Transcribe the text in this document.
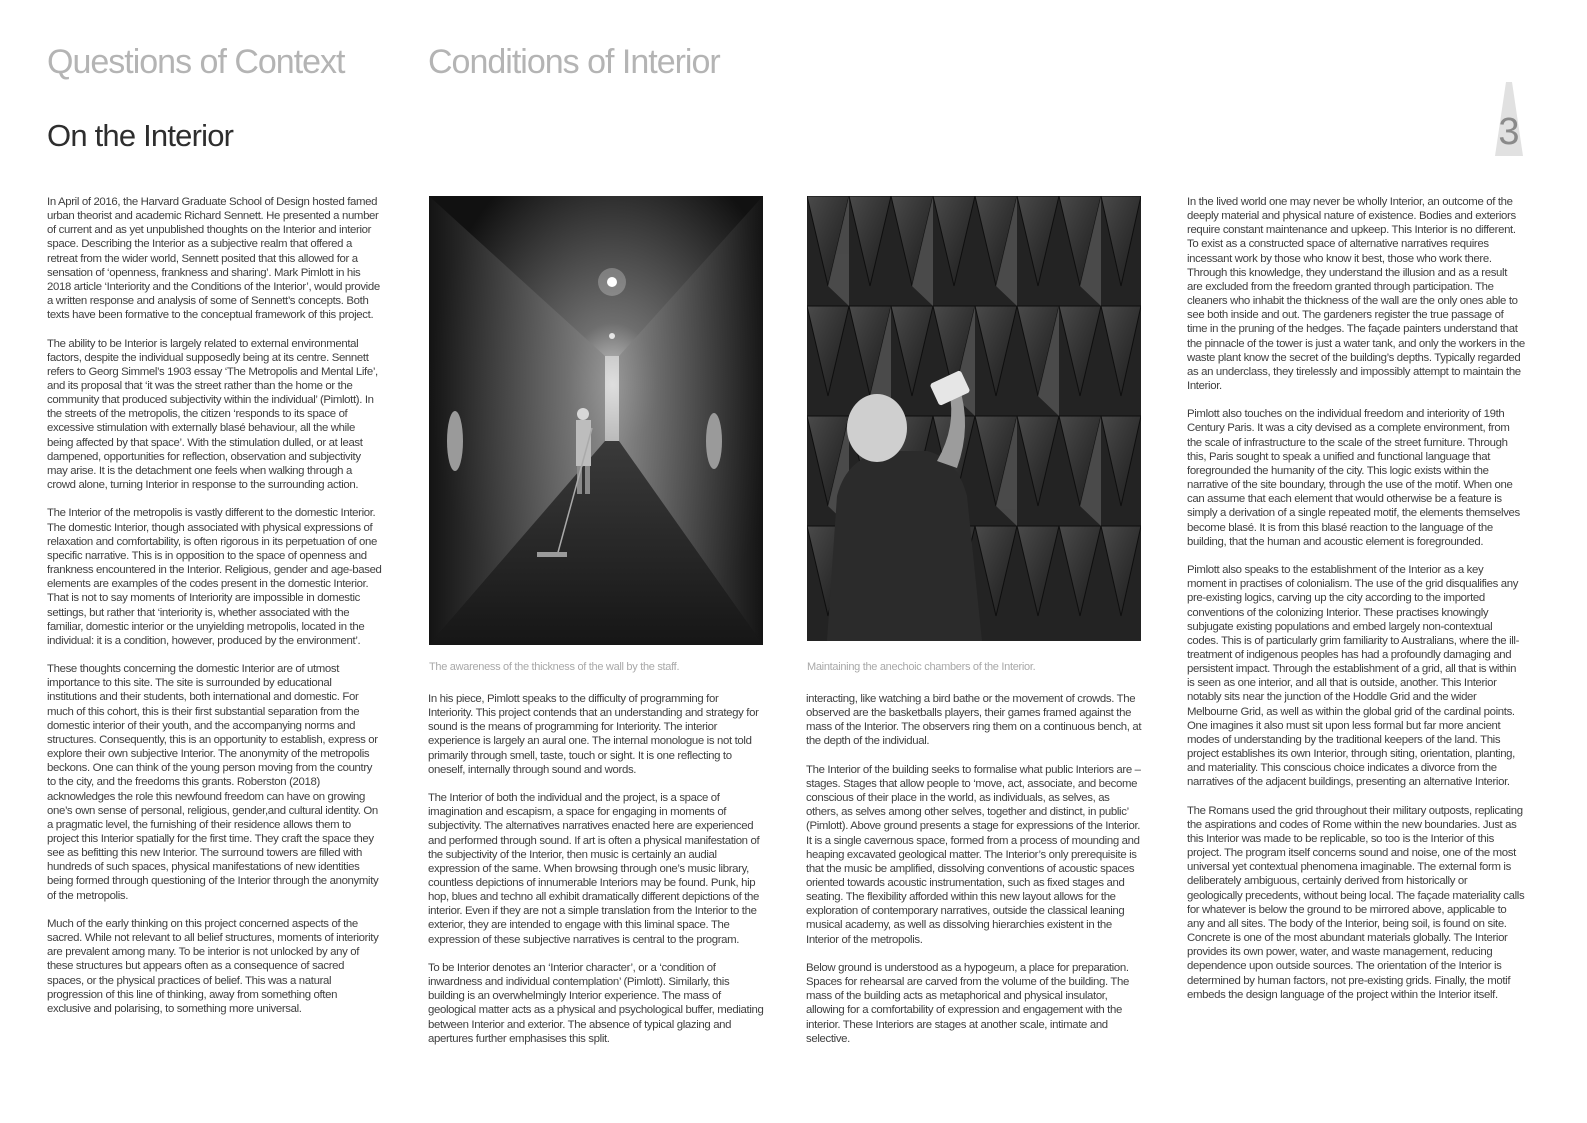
Questions of Context Conditions of Interior
On the Interior	3

In April of 2016, the Harvard Graduate School of Design hosted famed urban theorist and academic Richard Sennett. He presented a number of current and as yet unpublished thoughts on the Interior and interior space. Describing the Interior as a subjective realm that offered a retreat from the wider world, Sennett posited that this allowed for a sensation of ‘openness, frankness and sharing’. Mark Pimlott in his 2018 article ‘Interiority and the Conditions of the Interior’, would provide a written response and analysis of some of Sennett’s concepts. Both texts have been formative to the conceptual framework of this project.

The ability to be Interior is largely related to external environmental factors, despite the individual supposedly being at its centre. Sennett refers to Georg Simmel’s 1903 essay ‘The Metropolis and Mental Life’, and its proposal that ‘it was the street rather than the home or the community that produced subjectivity within the individual’ (Pimlott). In the streets of the metropolis, the citizen ‘responds to its space of excessive stimulation with externally blasé behaviour, all the while being affected by that space’. With the stimulation dulled, or at least dampened, opportunities for reflection, observation and subjectivity may arise. It is the detachment one feels when walking through a crowd alone, turning Interior in response to the surrounding action.

The Interior of the metropolis is vastly different to the domestic Interior. The domestic Interior, though associated with physical expressions of relaxation and comfortability, is often rigorous in its perpetuation of one specific narrative. This is in opposition to the space of openness and frankness encountered in the Interior. Religious, gender and age-based elements are examples of the codes present in the domestic Interior. That is not to say moments of Interiority are impossible in domestic settings, but rather that ‘interiority is, whether associated with the familiar, domestic interior or the unyielding metropolis, located in the individual: it is a condition, however, produced by the environment’.

These thoughts concerning the domestic Interior are of utmost importance to this site. The site is surrounded by educational institutions and their students, both international and domestic. For much of this cohort, this is their first substantial separation from the domestic interior of their youth, and the accompanying norms and structures. Consequently, this is an opportunity to establish, express or explore their own subjective Interior. The anonymity of the metropolis beckons. One can think of the young person moving from the country to the city, and the freedoms this grants. Roberston (2018) acknowledges the role this newfound freedom can have on growing one’s own sense of personal, religious, gender,and cultural identity. On a pragmatic level, the furnishing of their residence allows them to project this Interior spatially for the first time. They craft the space they see as befitting this new Interior. The surround towers are filled with hundreds of such spaces, physical manifestations of new identities being formed through questioning of the Interior through the anonymity of the metropolis.

Much of the early thinking on this project concerned aspects of the sacred. While not relevant to all belief structures, moments of interiority are prevalent among many. To be interior is not unlocked by any of these structures but appears often as a consequence of sacred spaces, or the physical practices of belief. This was a natural progression of this line of thinking, away from something often exclusive and polarising, to something more universal.

The awareness of the thickness of the wall by the staff.	Maintaining the anechoic chambers of the Interior.

In his piece, Pimlott speaks to the difficulty of programming for Interiority. This project contends that an understanding and strategy for sound is the means of programming for Interiority. The interior experience is largely an aural one. The internal monologue is not told primarily through smell, taste, touch or sight. It is one reflecting to oneself, internally through sound and words.

The Interior of both the individual and the project, is a space of imagination and escapism, a space for engaging in moments of subjectivity. The alternatives narratives enacted here are experienced and performed through sound. If art is often a physical manifestation of the subjectivity of the Interior, then music is certainly an audial expression of the same. When browsing through one’s music library, countless depictions of innumerable Interiors may be found. Punk, hip hop, blues and techno all exhibit dramatically different depictions of the interior. Even if they are not a simple translation from the Interior to the exterior, they are intended to engage with this liminal space. The expression of these subjective narratives is central to the program.

To be Interior denotes an ‘Interior character’, or a ‘condition of inwardness and individual contemplation’ (Pimlott). Similarly, this building is an overwhelmingly Interior experience. The mass of geological matter acts as a physical and psychological buffer, mediating between Interior and exterior. The absence of typical glazing and apertures further emphasises this split.

interacting, like watching a bird bathe or the movement of crowds. The observed are the basketballs players, their games framed against the mass of the Interior. The observers ring them on a continuous bench, at the depth of the individual.

The Interior of the building seeks to formalise what public Interiors are – stages. Stages that allow people to ‘move, act, associate, and become conscious of their place in the world, as individuals, as selves, as others, as selves among other selves, together and distinct, in public’ (Pimlott). Above ground presents a stage for expressions of the Interior. It is a single cavernous space, formed from a process of mounding and heaping excavated geological matter. The Interior’s only prerequisite is that the music be amplified, dissolving conventions of acoustic spaces oriented towards acoustic instrumentation, such as fixed stages and seating. The flexibility afforded within this new layout allows for the exploration of contemporary narratives, outside the classical leaning musical academy, as well as dissolving hierarchies existent in the Interior of the metropolis.

Below ground is understood as a hypogeum, a place for preparation. Spaces for rehearsal are carved from the volume of the building. The mass of the building acts as metaphorical and physical insulator, allowing for a comfortability of expression and engagement with the interior. These Interiors are stages at another scale, intimate and selective.

In the lived world one may never be wholly Interior, an outcome of the deeply material and physical nature of existence. Bodies and exteriors require constant maintenance and upkeep. This Interior is no different. To exist as a constructed space of alternative narratives requires incessant work by those who know it best, those who work there. Through this knowledge, they understand the illusion and as a result are excluded from the freedom granted through participation. The cleaners who inhabit the thickness of the wall are the only ones able to see both inside and out. The gardeners register the true passage of time in the pruning of the hedges. The façade painters understand that the pinnacle of the tower is just a water tank, and only the workers in the waste plant know the secret of the building’s depths. Typically regarded as an underclass, they tirelessly and impossibly attempt to maintain the Interior.

Pimlott also touches on the individual freedom and interiority of 19th Century Paris. It was a city devised as a complete environment, from the scale of infrastructure to the scale of the street furniture. Through this, Paris sought to speak a unified and functional language that foregrounded the humanity of the city. This logic exists within the narrative of the site boundary, through the use of the motif. When one can assume that each element that would otherwise be a feature is simply a derivation of a single repeated motif, the elements themselves become blasé. It is from this blasé reaction to the language of the building, that the human and acoustic element is foregrounded.

Pimlott also speaks to the establishment of the Interior as a key moment in practises of colonialism. The use of the grid disqualifies any pre-existing logics, carving up the city according to the imported conventions of the colonizing Interior. These practises knowingly subjugate existing populations and embed largely non-contextual codes. This is of particularly grim familiarity to Australians, where the ill-treatment of indigenous peoples has had a profoundly damaging and persistent impact. Through the establishment of a grid, all that is within is seen as one interior, and all that is outside, another. This Interior notably sits near the junction of the Hoddle Grid and the wider Melbourne Grid, as well as within the global grid of the cardinal points. One imagines it also must sit upon less formal but far more ancient modes of understanding by the traditional keepers of the land. This project establishes its own Interior, through siting, orientation, planting, and materiality. This conscious choice indicates a divorce from the narratives of the adjacent buildings, presenting an alternative Interior.

The Romans used the grid throughout their military outposts, replicating the aspirations and codes of Rome within the new boundaries. Just as this Interior was made to be replicable, so too is the Interior of this project. The program itself concerns sound and noise, one of the most universal yet contextual phenomena imaginable. The external form is deliberately ambiguous, certainly derived from historically or geologically precedents, without being local. The façade materiality calls for whatever is below the ground to be mirrored above, applicable to any and all sites. The body of the Interior, being soil, is found on site. Concrete is one of the most abundant materials globally. The Interior provides its own power, water, and waste management, reducing dependence upon outside sources. The orientation of the Interior is determined by human factors, not pre-existing grids. Finally, the motif embeds the design language of the project within the Interior itself.
